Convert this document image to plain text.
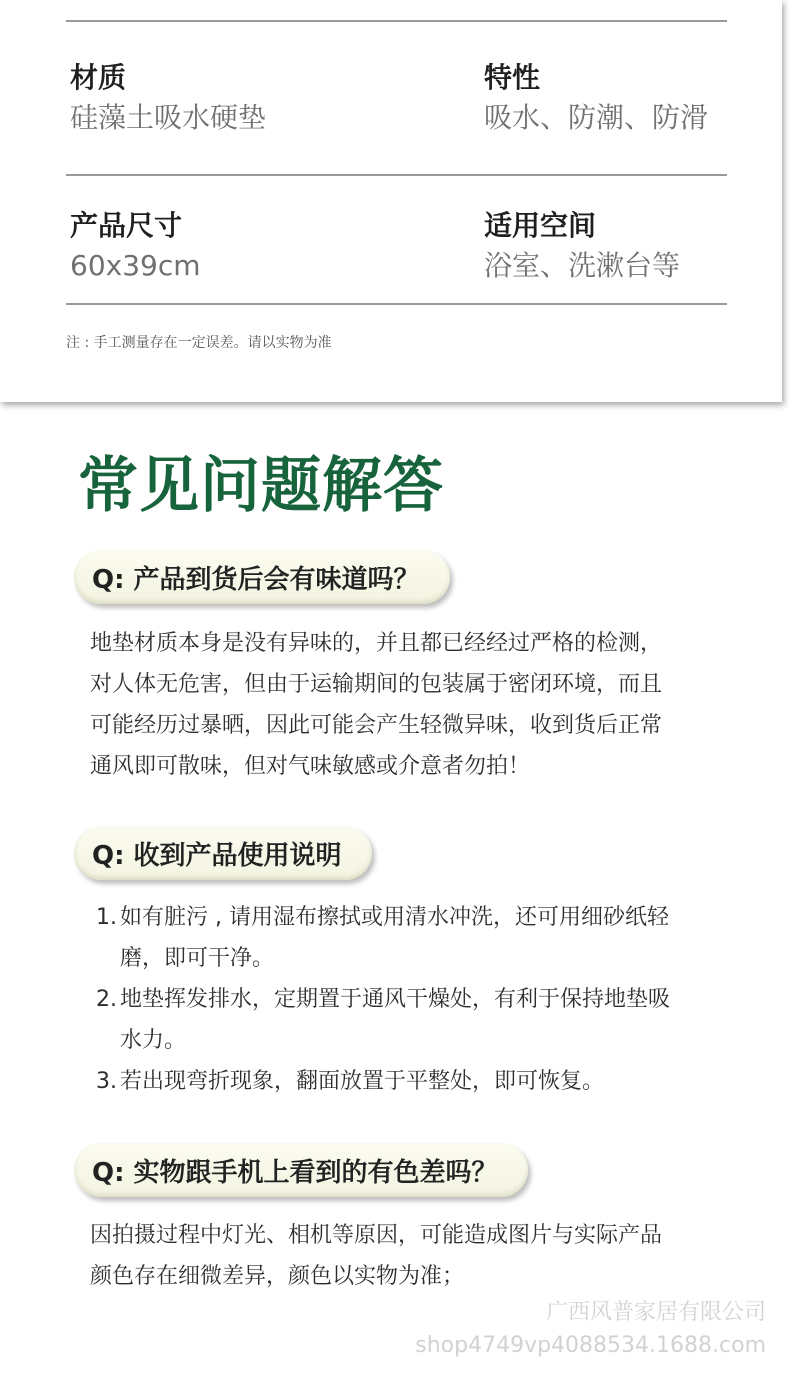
材质
硅藻土吸水硬垫
特性
吸水、防潮、防滑
产品尺寸
60x39cm
适用空间
浴室、洗漱台等
注 : 手工测量存在一定误差。请以实物为准
常见问题解答
Q: 产品到货后会有味道吗？

地垫材质本身是没有异味的，并且都已经经过严格的检测，

对人体无危害，但由于运输期间的包装属于密闭环境，而且

可能经历过暴晒，因此可能会产生轻微异味，收到货后正常

通风即可散味，但对气味敏感或介意者勿拍！

Q: 收到产品使用说明
1. 如有脏污 , 请用湿布擦拭或用清水冲洗，还可用细砂纸轻
磨，即可干净。
2. 地垫挥发排水，定期置于通风干燥处，有利于保持地垫吸
水力。
3. 若出现弯折现象，翻面放置于平整处，即可恢复。
Q: 实物跟手机上看到的有色差吗？

因拍摄过程中灯光、相机等原因，可能造成图片与实际产品

颜色存在细微差异，颜色以实物为准；

广西风普家居有限公司
shop4749vp4088534.1688.com
